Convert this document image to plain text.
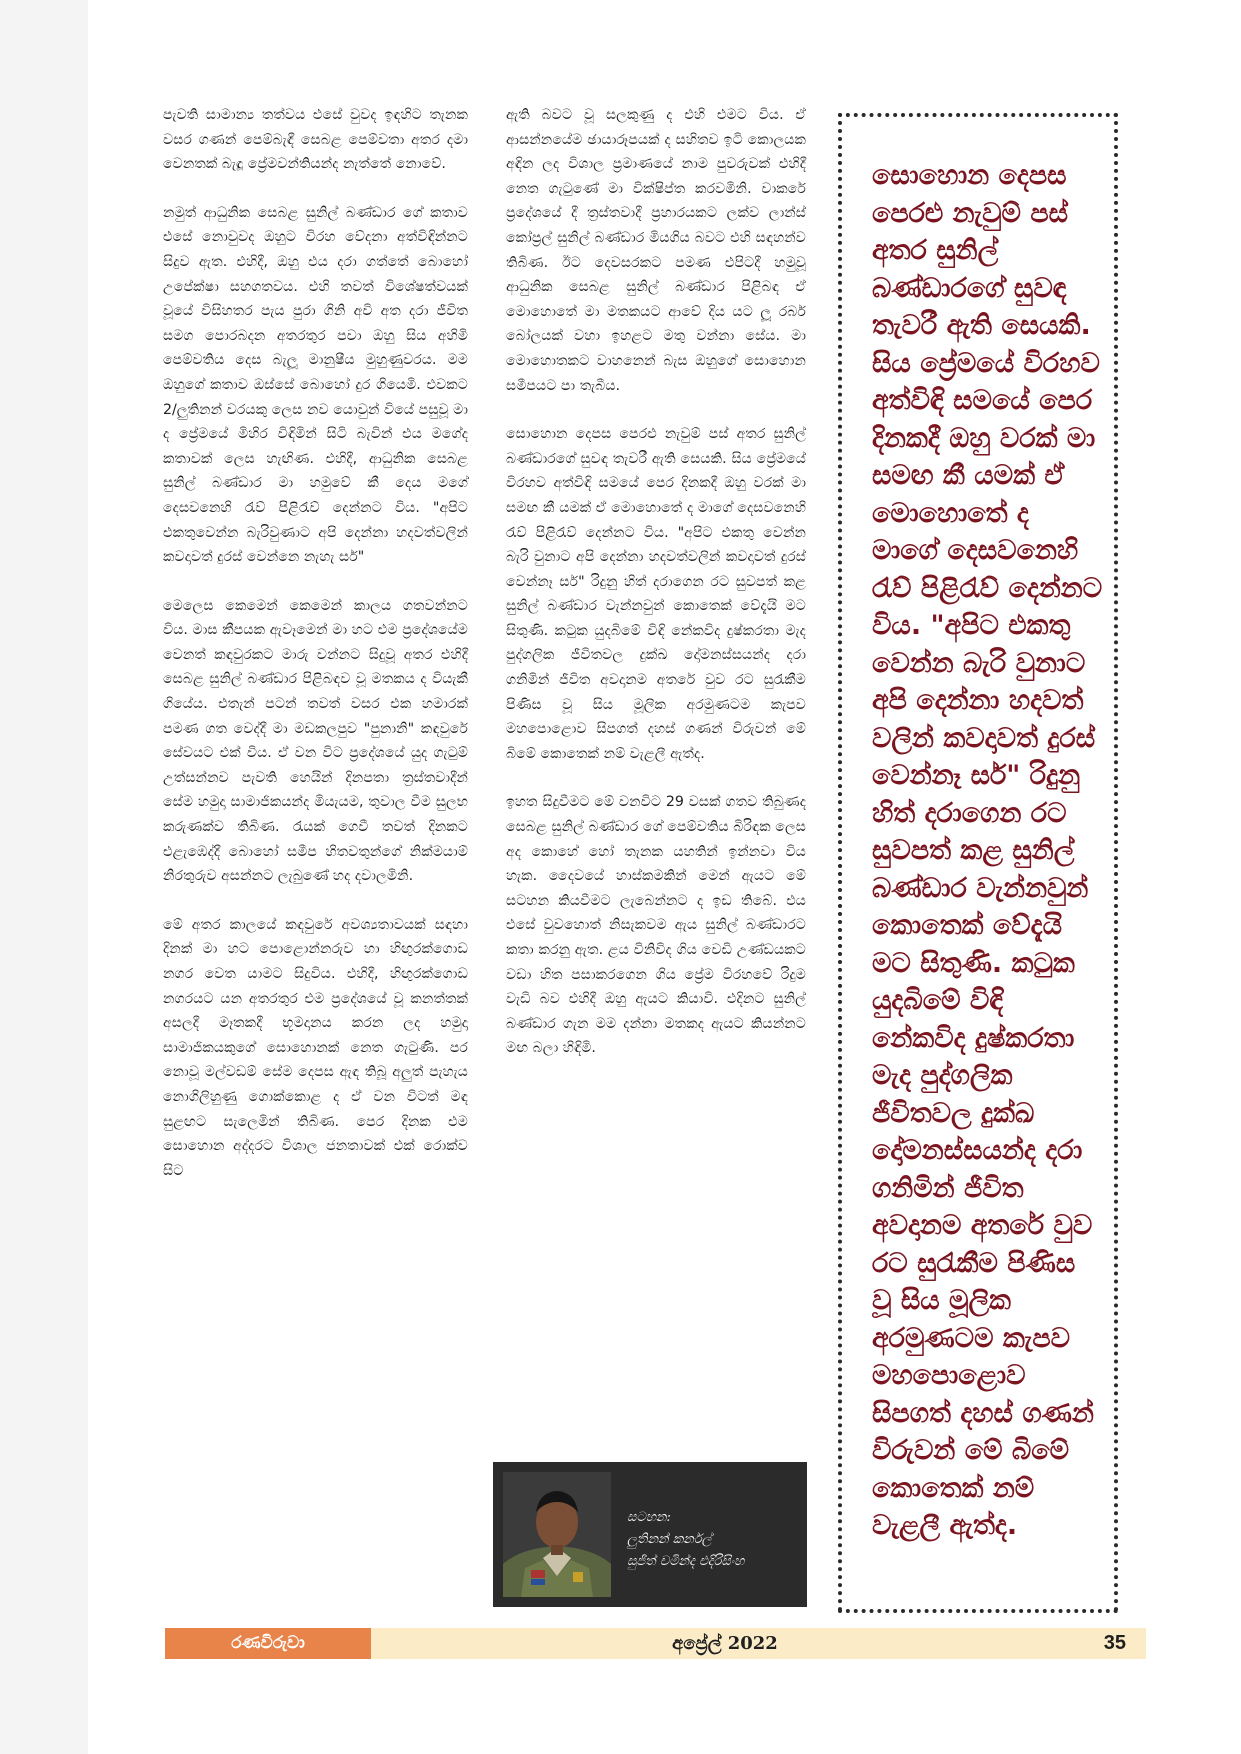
පැවති සාමාන්‍ය තත්වය එසේ වුවද ඉඳහිට තැනක වසර ගණන් පෙම්බැඳී සෙබළ පෙම්වතා අතර දමා වෙනතක් බැඳූ ප්‍රේමවන්තියන්ද නැත්තේ නොවේ.

නමුත් ආධුනික සෙබළ සුනිල් බණ්ඩාර ගේ කතාව එසේ නොවුවද ඔහුට විරහ වේදනා අත්විඳින්නට සිදුව ඇත. එහිදී, ඔහු එය දරා ගත්තේ බොහෝ උපේක්ෂා සහගතවය. එහි තවත් විශේෂත්වයක් වූයේ විසිහතර පැය පුරා ගිනි අවි අත දරා ජීවිත සමග පොරබදන අතරතුර පවා ඔහු සිය අහිමි පෙම්වතිය දෙස බැලූ මානුෂීය මුහුණුවරය. මම ඔහුගේ කතාව ඔස්සේ බොහෝ දුර ගියෙමි. එවකට 2/ලුතිනන් වරයකු ලෙස නව යොවුන් වියේ පසුවූ මා ද ප්‍රේමයේ මිහිර විඳිමින් සිටි බැවින් එය මගේද කතාවක් ලෙස හැඟිණ. එහිදී, ආධුනික සෙබළ සුනිල් බණ්ඩාර මා හමුවේ කී දෙය මගේ දෙසවනෙහි රැව් පිළිරැව් දෙන්නට විය. "අපිට එකතුවෙන්න බැරිවුණාට අපි දෙන්නා හදවත්වලින් කවදාවත් දුරස් වෙන්නෙ නැහැ සර්"

මෙලෙස කෙමෙන් කෙමෙන් කාලය ගතවන්නට විය. මාස කීපයක ඇවෑමෙන් මා හට එම ප්‍රදේශයේම වෙනත් කඳවුරකට මාරු වන්නට සිදුවූ අතර එහිදී සෙබළ සුනිල් බණ්ඩාර පිළිබඳව වූ මතකය ද වියැකී ගියේය. එතැන් පටන් තවත් වසර එක හමාරක් පමණ ගත වෙද්දී මා මඩකලපුව "පුනානි" කඳවුරේ සේවයට එක් විය. ඒ වන විට ප්‍රදේශයේ යුද ගැටුම් උත්සන්නව පැවති හෙයින් දිනපතා ත්‍රස්තවාදීන් සේම හමුදා සාමාජිකයන්ද මියැයම, තුවාල වීම සුලභ කරුණක්ව තිබිණ. රැයක් ගෙවී තවත් දිනකට එළැඹෙද්දී බොහෝ සමීප හිතවතුන්ගේ නික්මයාම් නිරතුරුව අසන්නට ලැබුණේ හද දවාලමිනි.

මේ අතර කාලයේ කඳවුරේ අවශ්‍යතාවයක් සඳහා දිනක් මා හට පොළොන්නරුව හා හිඟුරක්ගොඩ නගර වෙත යාමට සිදුවිය. එහිදී, හිඟුරක්ගොඩ නගරයට යන අතරතුර එම ප්‍රදේශයේ වූ කනත්තක් අසලදී මෑතකදී භූමදානය කරන ලද හමුදා සාමාජිකයකුගේ සොහොනක් නෙත ගැටුණි. පර නොවූ මල්වඩම් සේම දෙපස ඇඳ තිබූ අලුත් පැහැය නොගිලිහුණු ගොක්කොළ ද ඒ වන විටත් මඳ සුළඟට සැලෙමින් තිබිණ. පෙර දිනක එම සොහොන අද්දරට විශාල ජනතාවක් එක් රොක්ව සිට

ඇති බවට වූ සලකුණු ද එහි එමට විය. ඒ ආසන්නයේම ඡායාරූපයක් ද සහිතව ඉටි කොලයක අඳින ලද විශාල ප්‍රමාණයේ නාම පුවරුවක් එහිදී නෙත ගැටුණේ මා වික්ෂිප්ත කරවමිනි. වාකරේ ප්‍රදේශයේ දී ත්‍රස්තවාදී ප්‍රහාරයකට ලක්ව ලාන්ස් කෝප්‍රල් සුනිල් බණ්ඩාර මියගිය බවට එහි සඳහන්ව තිබිණ. ඊට දෙවසරකට පමණ එපිටදී හමුවූ ආධුනික සෙබළ සුනිල් බණ්ඩාර පිළිබඳ ඒ මොහොතේ මා මතකයට ආවේ දිය යට ලූ රබර් බෝලයක් වහා ඉහළට මතු වන්නා සේය. මා මොහොතකට වාහනෙන් බැස ඔහුගේ සොහොන සමීපයට පා තැබීය.

සොහොන දෙපස පෙරළු නැවුම් පස් අතර සුනිල් බණ්ඩාරගේ සුවඳ තැවරී ඇති සෙයකි. සිය ප්‍රේමයේ විරහව අත්විඳි සමයේ පෙර දිනකදී ඔහු වරක් මා සමඟ කී යමක් ඒ මොහොතේ ද මාගේ දෙසවනෙහි රැව් පිළිරැව් දෙන්නට විය. "අපිට එකතු වෙන්න බැරි වුනාට අපි දෙන්නා හදවත්වලින් කවදාවත් දුරස් වෙන්නෑ සර්" රිදුනු හිත් දරාගෙන රට සුවපත් කළ සුනිල් බණ්ඩාර වැන්නවුන් කොතෙක් වේදැයි මට සිතුණි. කටුක යුදබිමේ විඳි නේකවිද දුෂ්කරතා මැද පුද්ගලික ජීවිතවල දුක්ඛ දෝමනස්සයන්ද දරා ගනිමින් ජීවිත අවදානම අතරේ වුව රට සුරැකීම පිණිස වූ සිය මූලික අරමුණටම කැපව මහපොළොව සිපගත් දහස් ගණන් විරුවන් මේ බිමේ කොතෙක් නම් වැළලී ඇත්ද.

ඉහත සිදුවීමට මේ වනවිට 29 වසක් ගතව තිබුණද සෙබළ සුනිල් බණ්ඩාර ගේ පෙම්වතිය බිරිඳක ලෙස අද කොහේ හෝ තැනක යහතින් ඉන්නවා විය හැක. දෛවයේ හාස්කමකින් මෙන් ඇයට මේ සටහන කියවීමට ලැබෙන්නට ද ඉඩ තිබේ. එය එසේ වුවහොත් නිසැකවම ඇය සුනිල් බණ්ඩාරට කතා කරනු ඇත. ළය විනිවිද ගිය වෙඩි උණ්ඩයකට වඩා හිත පසාකරගෙන ගිය ප්‍රේම විරහවේ රිදුම වැඩි බව එහිදී ඔහු ඇයට කියාවි. එදිනට සුනිල් බණ්ඩාර ගැන මම දන්නා මතකද ඇයට කියන්නට මඟ බලා හිඳිමි.

සටහන:
ලුතිනන් කර්නල්
සුජිත් චමින්ද එදිරිසිංහ

සොහොන දෙපස පෙරළු නැවුම් පස් අතර සුනිල් බණ්ඩාරගේ සුවඳ තැවරී ඇති සෙයකි. සිය ප්‍රේමයේ විරහව අත්විඳි සමයේ පෙර දිනකදී ඔහු වරක් මා සමඟ කී යමක් ඒ මොහොතේ ද මාගේ දෙසවනෙහි රැව් පිළිරැව් දෙන්නට විය. "අපිට එකතු වෙන්න බැරි වුනාට අපි දෙන්නා හදවත් වලින් කවදාවත් දුරස් වෙන්නෑ සර්" රිදුනු හිත් දරාගෙන රට සුවපත් කළ සුනිල් බණ්ඩාර වැන්නවුන් කොතෙක් වේදැයි මට සිතුණි. කටුක යුදබිමේ විඳි නේකවිද දුෂ්කරතා මැද පුද්ගලික ජීවිතවල දුක්ඛ දෝමනස්සයන්ද දරා ගනිමින් ජීවිත අවදානම අතරේ වුව රට සුරැකීම පිණිස වූ සිය මූලික අරමුණටම කැපව මහපොළොව සිපගත් දහස් ගණන් විරුවන් මේ බිමේ කොතෙක් නම් වැළලී ඇත්ද.

රණවිරුවා	අප්‍රේල් 2022	35
